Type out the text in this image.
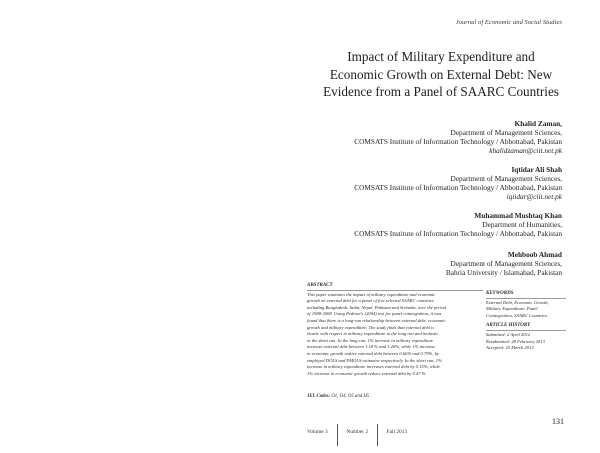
Journal of Economic and Social Studies
Impact of Military Expenditure and
Economic Growth on External Debt: New
Evidence from a Panel of SAARC Countries
Khalid Zaman,
Department of Management Sciences,
COMSATS Institute of Information Technology / Abbottabad, Pakistan
khalidzaman@ciit.net.pk
Iqtidar Ali Shah
Department of Management Sciences,
COMSATS Institute of Information Technology / Abbottabad, Pakistan
iqtidar@ciit.net.pk
Muhammad Mushtaq Khan
Department of Humanities,
COMSATS Institute of Information Technology / Abbottabad, Pakistan
Mehboob Ahmad
Department of Management Sciences,
Bahria University / Islamabad, Pakistan
ABSTRACT
This paper examines the impact of military expenditure and economic
growth on external debt for a panel of five selected SAARC countries
including Bangladesh, India, Nepal, Pakistan and Srilanka, over the period
of 1988-2008. Using Pedroni's (2004) test for panel cointegration, it was
found that there is a long-run relationship between external debt, economic
growth and military expenditure. The study finds that external debt is
elastic with respect to military expenditure in the long run and inelastic
in the short run. In the long run, 1% increase in military expenditure
increase external debt between 1.18 % and 1.26%, while 1% increase
in economic growth reduce external debt between 0.66% and 0.79%, by
employed DOLS and FMOLS estimator respectively. In the short run, 1%
increase in military expenditure increases external debt by 0.15%, while
1% increase in economic growth reduce external debt by 0.47 %.
JEL Codes: O1, O4, O5 and H5
KEYWORDS
External Debt, Economic Growth,
Military Expenditure, Panel
Cointegration, SAARC Countries.
ARTICLE HISTORY
Submitted: 2 April 2012
Resubmitted: 28 February 2013
Accepted: 25 March 2013
Volume 3	Number 2	Fall 2013
131
